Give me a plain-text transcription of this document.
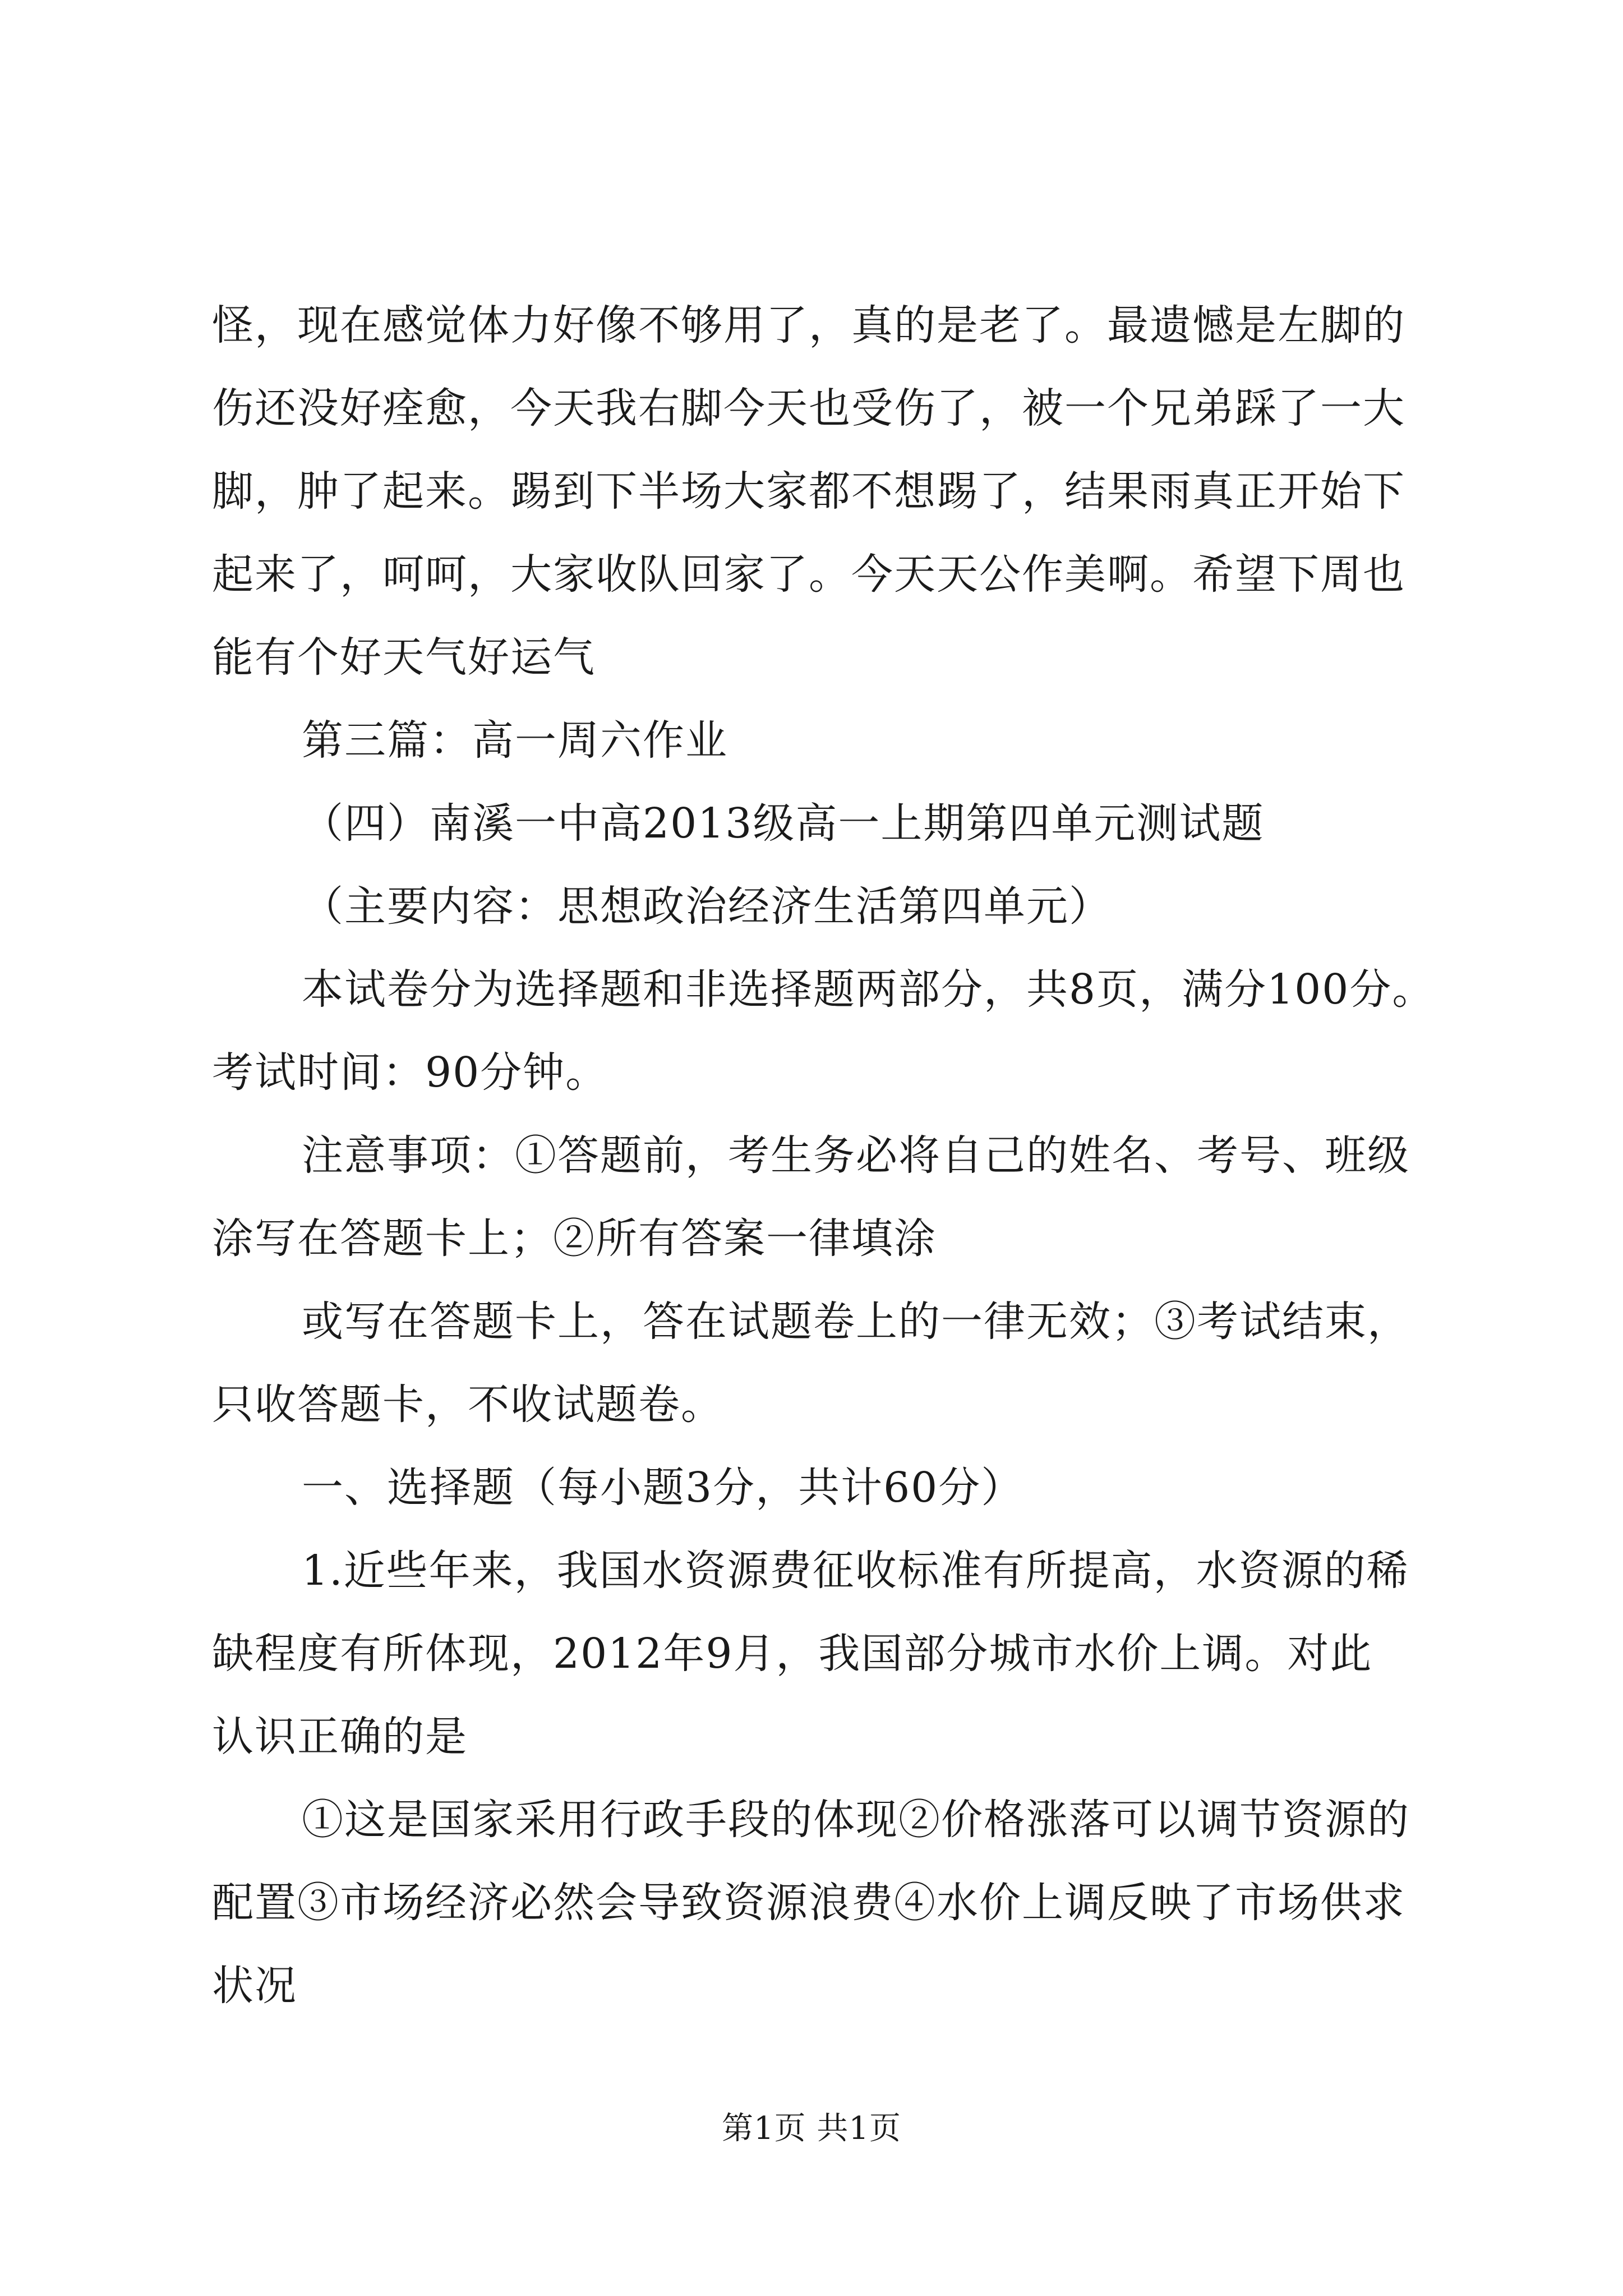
怪，现在感觉体力好像不够用了，真的是老了。最遗憾是左脚的
伤还没好痊愈，今天我右脚今天也受伤了，被一个兄弟踩了一大
脚，肿了起来。踢到下半场大家都不想踢了，结果雨真正开始下
起来了，呵呵，大家收队回家了。今天天公作美啊。希望下周也
能有个好天气好运气
第三篇：高一周六作业
（四）南溪一中高2013级高一上期第四单元测试题
（主要内容：思想政治经济生活第四单元）
本试卷分为选择题和非选择题两部分，共8页，满分100分。
考试时间：90分钟。
注意事项：①答题前，考生务必将自己的姓名、考号、班级
涂写在答题卡上；②所有答案一律填涂
或写在答题卡上，答在试题卷上的一律无效；③考试结束，
只收答题卡，不收试题卷。
一、选择题（每小题3分，共计60分）
1.近些年来，我国水资源费征收标准有所提高，水资源的稀
缺程度有所体现，2012年9月，我国部分城市水价上调。对此
认识正确的是
①这是国家采用行政手段的体现②价格涨落可以调节资源的
配置③市场经济必然会导致资源浪费④水价上调反映了市场供求
状况
第1页 共1页
